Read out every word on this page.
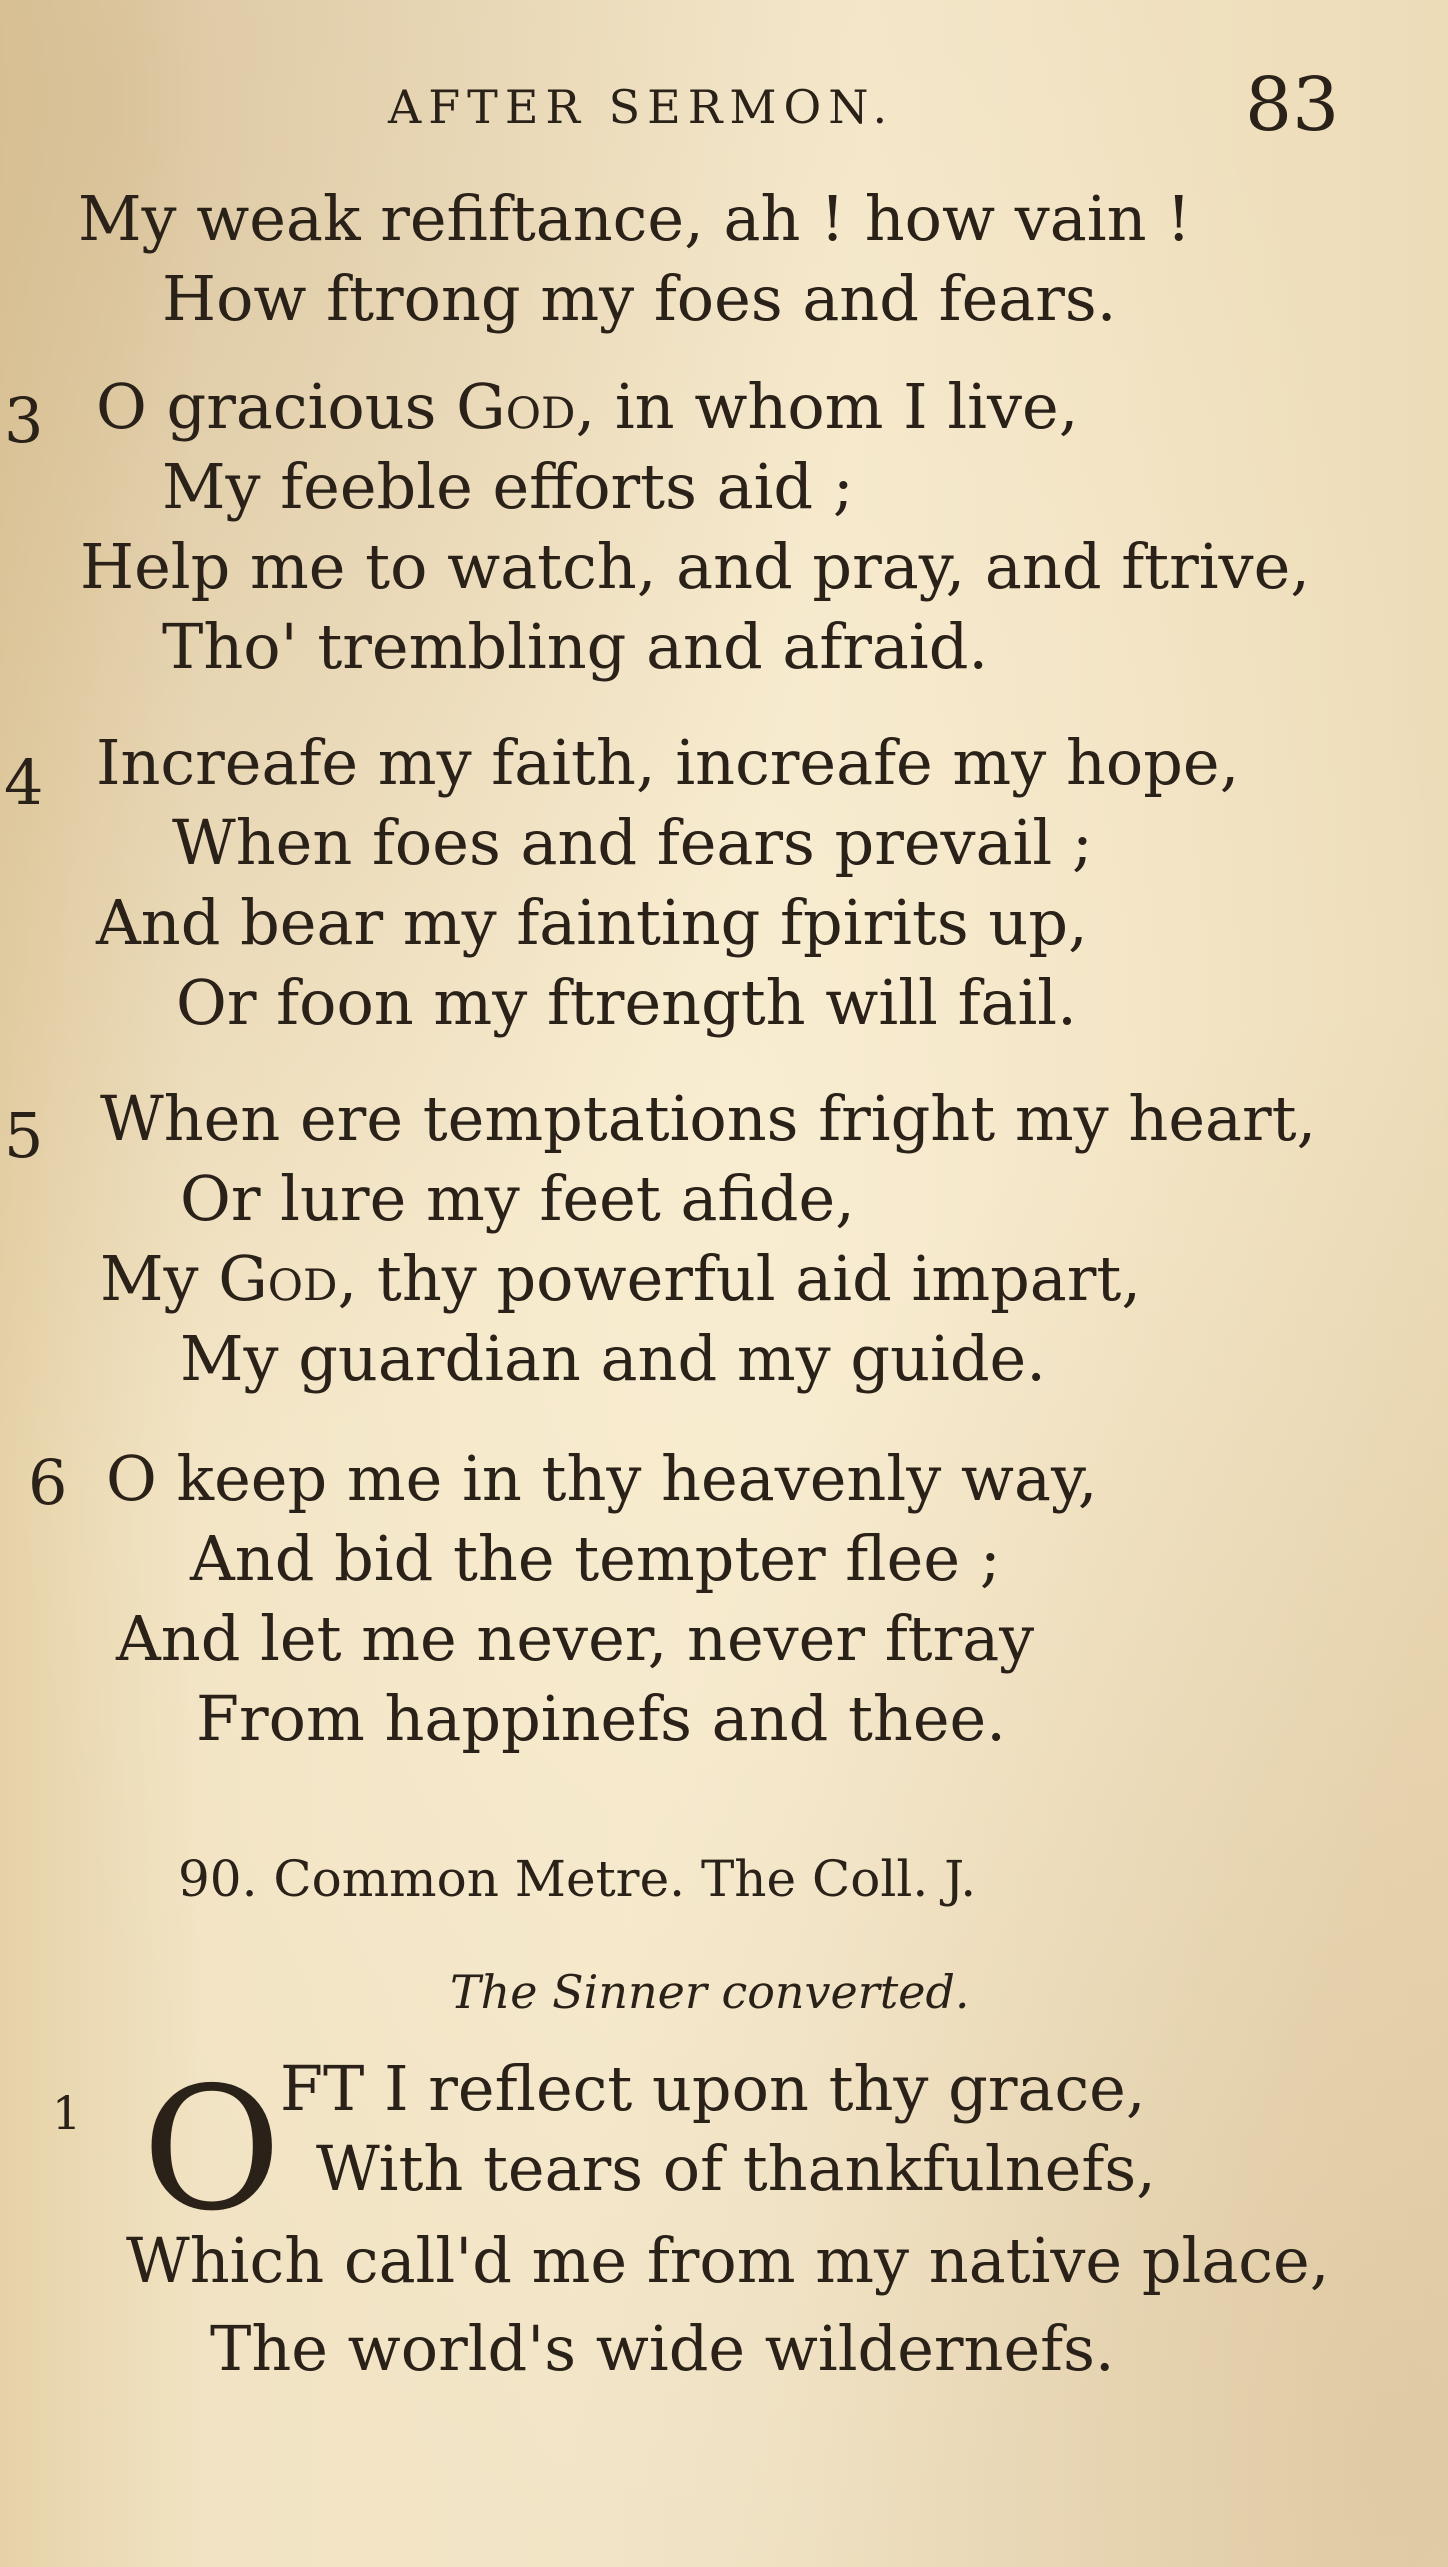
AFTER SERMON.	83
My weak refiftance, ah ! how vain !
How ftrong my foes and fears.
3 O gracious God, in whom I live,
My feeble efforts aid ;
Help me to watch, and pray, and ftrive,
Tho' trembling and afraid.
4 Increafe my faith, increafe my hope,
When foes and fears prevail ;
And bear my fainting fpirits up,
Or foon my ftrength will fail.
5 When ere temptations fright my heart,
Or lure my feet afide,
My God, thy powerful aid impart,
My guardian and my guide.
6 O keep me in thy heavenly way,
And bid the tempter flee ;
And let me never, never ftray
From happinefs and thee.
90. Common Metre. The Coll. J.
The Sinner converted.
1 O
FT I reflect upon thy grace,
With tears of thankfulnefs,
Which call'd me from my native place,
The world's wide wildernefs.
